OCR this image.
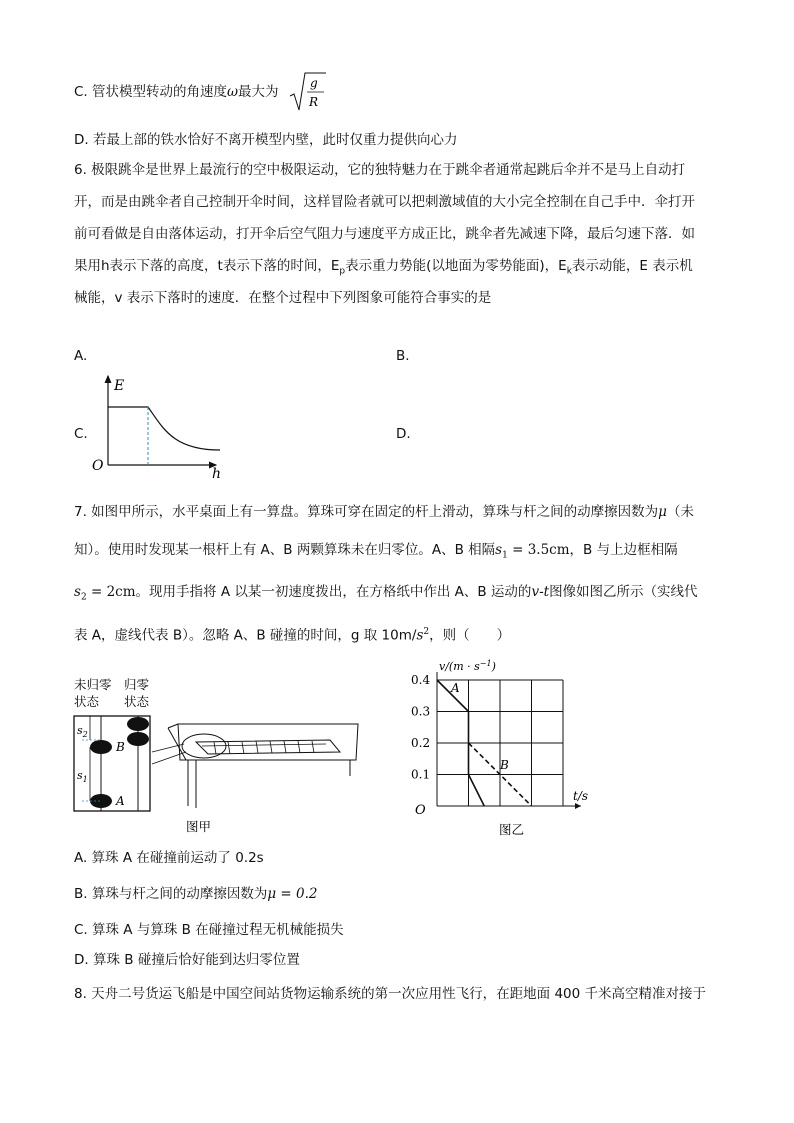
C. 管状模型转动的角速度ω最大为
g
R
D. 若最上部的铁水恰好不离开模型内壁，此时仅重力提供向心力
6. 极限跳伞是世界上最流行的空中极限运动，它的独特魅力在于跳伞者通常起跳后伞并不是马上自动打
开，而是由跳伞者自己控制开伞时间，这样冒险者就可以把刺激域值的大小完全控制在自己手中．伞打开
前可看做是自由落体运动，打开伞后空气阻力与速度平方成正比，跳伞者先减速下降，最后匀速下落．如
果用h表示下落的高度，t表示下落的时间，$E_p$表示重力势能(以地面为零势能面)，$E_k$表示动能，E 表示机
械能，v 表示下落时的速度．在整个过程中下列图象可能符合事实的是
A.	B.
C.	D.
E
h
O
7. 如图甲所示，水平桌面上有一算盘。算珠可穿在固定的杆上滑动，算珠与杆之间的动摩擦因数为μ（未
知）。使用时发现某一根杆上有 A、B 两颗算珠未在归零位。A、B 相隔$s_1 = 3.5cm$，B 与上边框相隔
$s_2 = 2cm$。现用手指将 A 以某一初速度拨出，在方格纸中作出 A、B 运动的v-t图像如图乙所示（实线代
表 A，虚线代表 B）。忽略 A、B 碰撞的时间，g 取 $10m/s^2$，则（　　）
未归零
状态
归零
状态
B
A
$s_2$
$s_1$
图甲
$v/(m \cdot s^{-1})$
0.4
0.3
0.2
0.1
t/s
O
A
B
图乙
A. 算珠 A 在碰撞前运动了 0.2s
B. 算珠与杆之间的动摩擦因数为μ = 0.2
C. 算珠 A 与算珠 B 在碰撞过程无机械能损失
D. 算珠 B 碰撞后恰好能到达归零位置
8. 天舟二号货运飞船是中国空间站货物运输系统的第一次应用性飞行，在距地面 400 千米高空精准对接于
